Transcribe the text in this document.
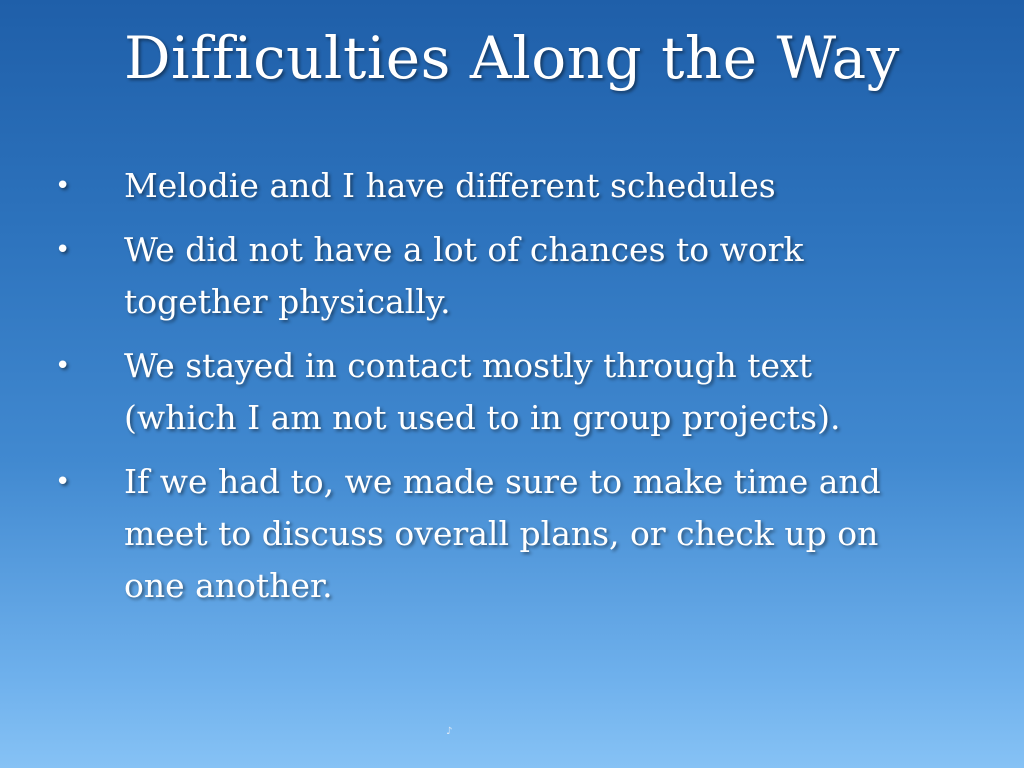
Difficulties Along the Way
• Melodie and I have different schedules
• We did not have a lot of chances to work together physically.
• We stayed in contact mostly through text (which I am not used to in group projects).
• If we had to, we made sure to make time and meet to discuss overall plans, or check up on one another.
♪
